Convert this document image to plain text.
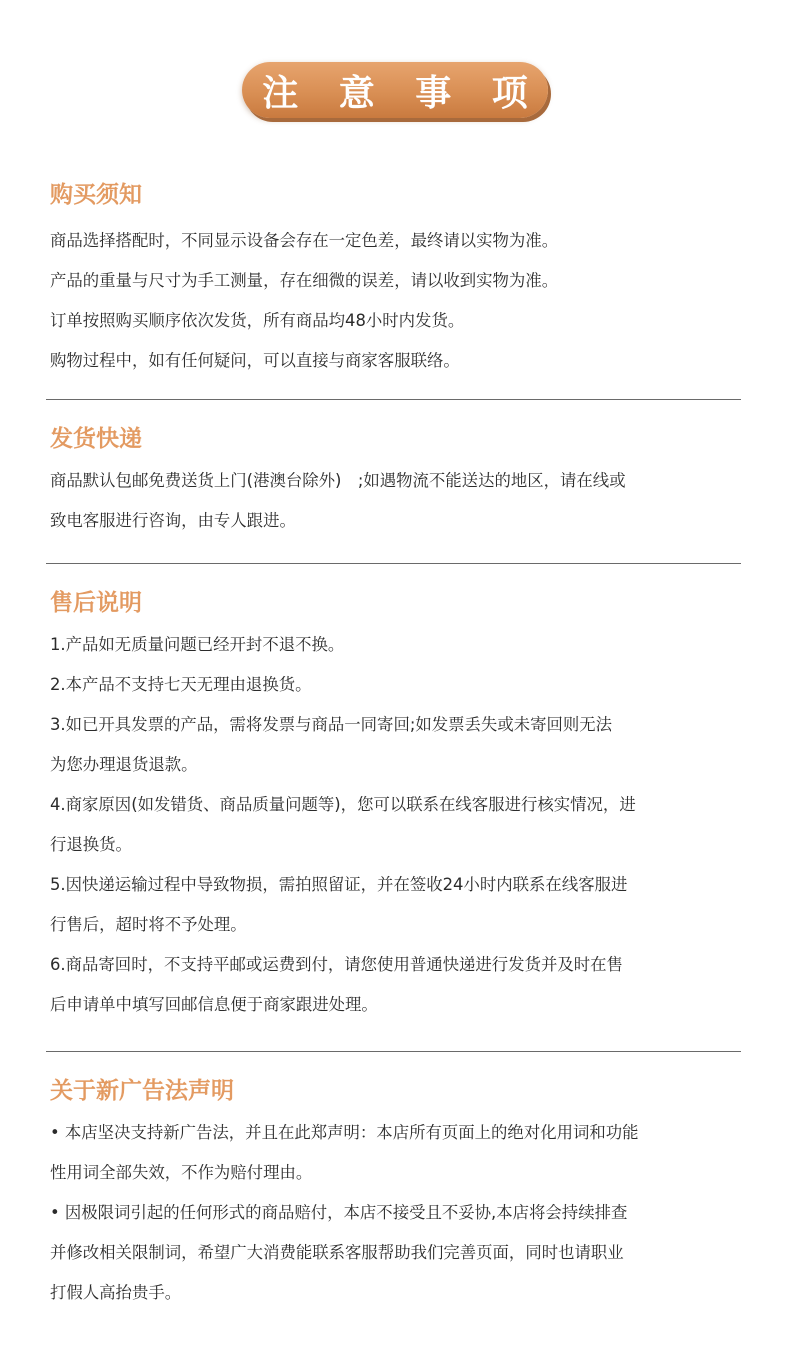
注 意 事 项
购买须知

商品选择搭配时，不同显示设备会存在一定色差，最终请以实物为准。

产品的重量与尺寸为手工测量，存在细微的误差，请以收到实物为准。

订单按照购买顺序依次发货，所有商品均48小时内发货。

购物过程中，如有任何疑问，可以直接与商家客服联络。

发货快递

商品默认包邮免费送货上门(港澳台除外)　;如遇物流不能送达的地区，请在线或

致电客服进行咨询，由专人跟进。

售后说明

1.产品如无质量问题已经开封不退不换。

2.本产品不支持七天无理由退换货。

3.如已开具发票的产品，需将发票与商品一同寄回;如发票丢失或未寄回则无法

为您办理退货退款。

4.商家原因(如发错货、商品质量问题等)，您可以联系在线客服进行核实情况，进

行退换货。

5.因快递运输过程中导致物损，需拍照留证，并在签收24小时内联系在线客服进

行售后，超时将不予处理。

6.商品寄回时，不支持平邮或运费到付，请您使用普通快递进行发货并及时在售

后申请单中填写回邮信息便于商家跟进处理。

关于新广告法声明

• 本店坚决支持新广告法，并且在此郑声明：本店所有页面上的绝对化用词和功能

性用词全部失效，不作为赔付理由。

• 因极限词引起的任何形式的商品赔付，本店不接受且不妥协,本店将会持续排查

并修改相关限制词，希望广大消费能联系客服帮助我们完善页面，同时也请职业

打假人高抬贵手。
